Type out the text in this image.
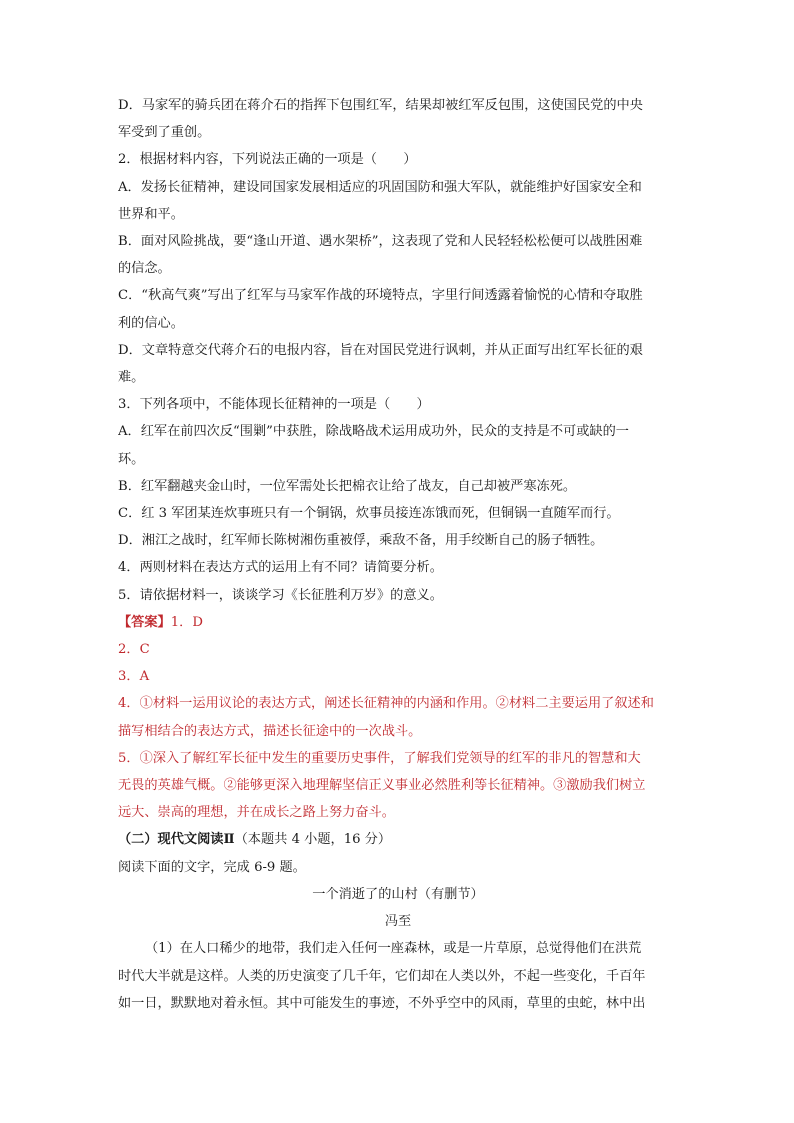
D．马家军的骑兵团在蒋介石的指挥下包围红军，结果却被红军反包围，这使国民党的中央
军受到了重创。
2．根据材料内容，下列说法正确的一项是（　　）
A．发扬长征精神，建设同国家发展相适应的巩固国防和强大军队，就能维护好国家安全和
世界和平。
B．面对风险挑战，要“逢山开道、遇水架桥”，这表现了党和人民轻轻松松便可以战胜困难
的信念。
C．“秋高气爽”写出了红军与马家军作战的环境特点，字里行间透露着愉悦的心情和夺取胜
利的信心。
D．文章特意交代蒋介石的电报内容，旨在对国民党进行讽刺，并从正面写出红军长征的艰
难。
3．下列各项中，不能体现长征精神的一项是（　　）
A．红军在前四次反“围剿”中获胜，除战略战术运用成功外，民众的支持是不可或缺的一
环。
B．红军翻越夹金山时，一位军需处长把棉衣让给了战友，自己却被严寒冻死。
C．红 3 军团某连炊事班只有一个铜锅，炊事员接连冻饿而死，但铜锅一直随军而行。
D．湘江之战时，红军师长陈树湘伤重被俘，乘敌不备，用手绞断自己的肠子牺牲。
4．两则材料在表达方式的运用上有不同？请简要分析。
5．请依据材料一，谈谈学习《长征胜利万岁》的意义。
【答案】1．D
2．C
3．A
4．①材料一运用议论的表达方式，阐述长征精神的内涵和作用。②材料二主要运用了叙述和
描写相结合的表达方式，描述长征途中的一次战斗。
5．①深入了解红军长征中发生的重要历史事件，了解我们党领导的红军的非凡的智慧和大
无畏的英雄气概。②能够更深入地理解坚信正义事业必然胜利等长征精神。③激励我们树立
远大、崇高的理想，并在成长之路上努力奋斗。
（二）现代文阅读Ⅱ（本题共 4 小题，16 分）
阅读下面的文字，完成 6-9 题。
一个消逝了的山村（有删节）
冯至
（1）在人口稀少的地带，我们走入任何一座森林，或是一片草原，总觉得他们在洪荒
时代大半就是这样。人类的历史演变了几千年，它们却在人类以外，不起一些变化，千百年
如一日，默默地对着永恒。其中可能发生的事迹，不外乎空中的风雨，草里的虫蛇，林中出
